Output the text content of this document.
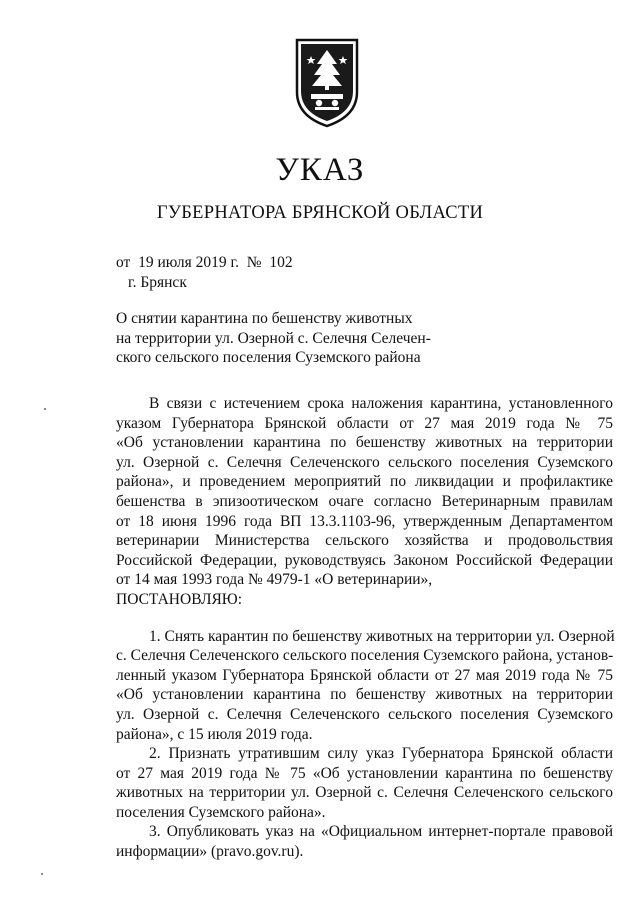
УКАЗ
ГУБЕРНАТОРА БРЯНСКОЙ ОБЛАСТИ
от  19 июля 2019 г.  №  102
г. Брянск
О снятии карантина по бешенству животных
на территории ул. Озерной с. Селечня Селечен-
ского сельского поселения Суземского района
В связи с истечением срока наложения карантина, установленного
указом Губернатора Брянской области от 27 мая 2019 года № 75
«Об установлении карантина по бешенству животных на территории
ул. Озерной с. Селечня Селеченского сельского поселения Суземского
района», и проведением мероприятий по ликвидации и профилактике
бешенства в эпизоотическом очаге согласно Ветеринарным правилам
от 18 июня 1996 года ВП 13.3.1103-96, утвержденным Департаментом
ветеринарии Министерства сельского хозяйства и продовольствия
Российской Федерации, руководствуясь Законом Российской Федерации
от 14 мая 1993 года № 4979-1 «О ветеринарии»,
ПОСТАНОВЛЯЮ:
1. Снять карантин по бешенству животных на территории ул. Озерной
с. Селечня Селеченского сельского поселения Суземского района, установ-
ленный указом Губернатора Брянской области от 27 мая 2019 года № 75
«Об установлении карантина по бешенству животных на территории
ул. Озерной с. Селечня Селеченского сельского поселения Суземского
района», с 15 июля 2019 года.
2. Признать утратившим силу указ Губернатора Брянской области
от 27 мая 2019 года № 75 «Об установлении карантина по бешенству
животных на территории ул. Озерной с. Селечня Селеченского сельского
поселения Суземского района».
3. Опубликовать указ на «Официальном интернет-портале правовой
информации» (pravo.gov.ru).
